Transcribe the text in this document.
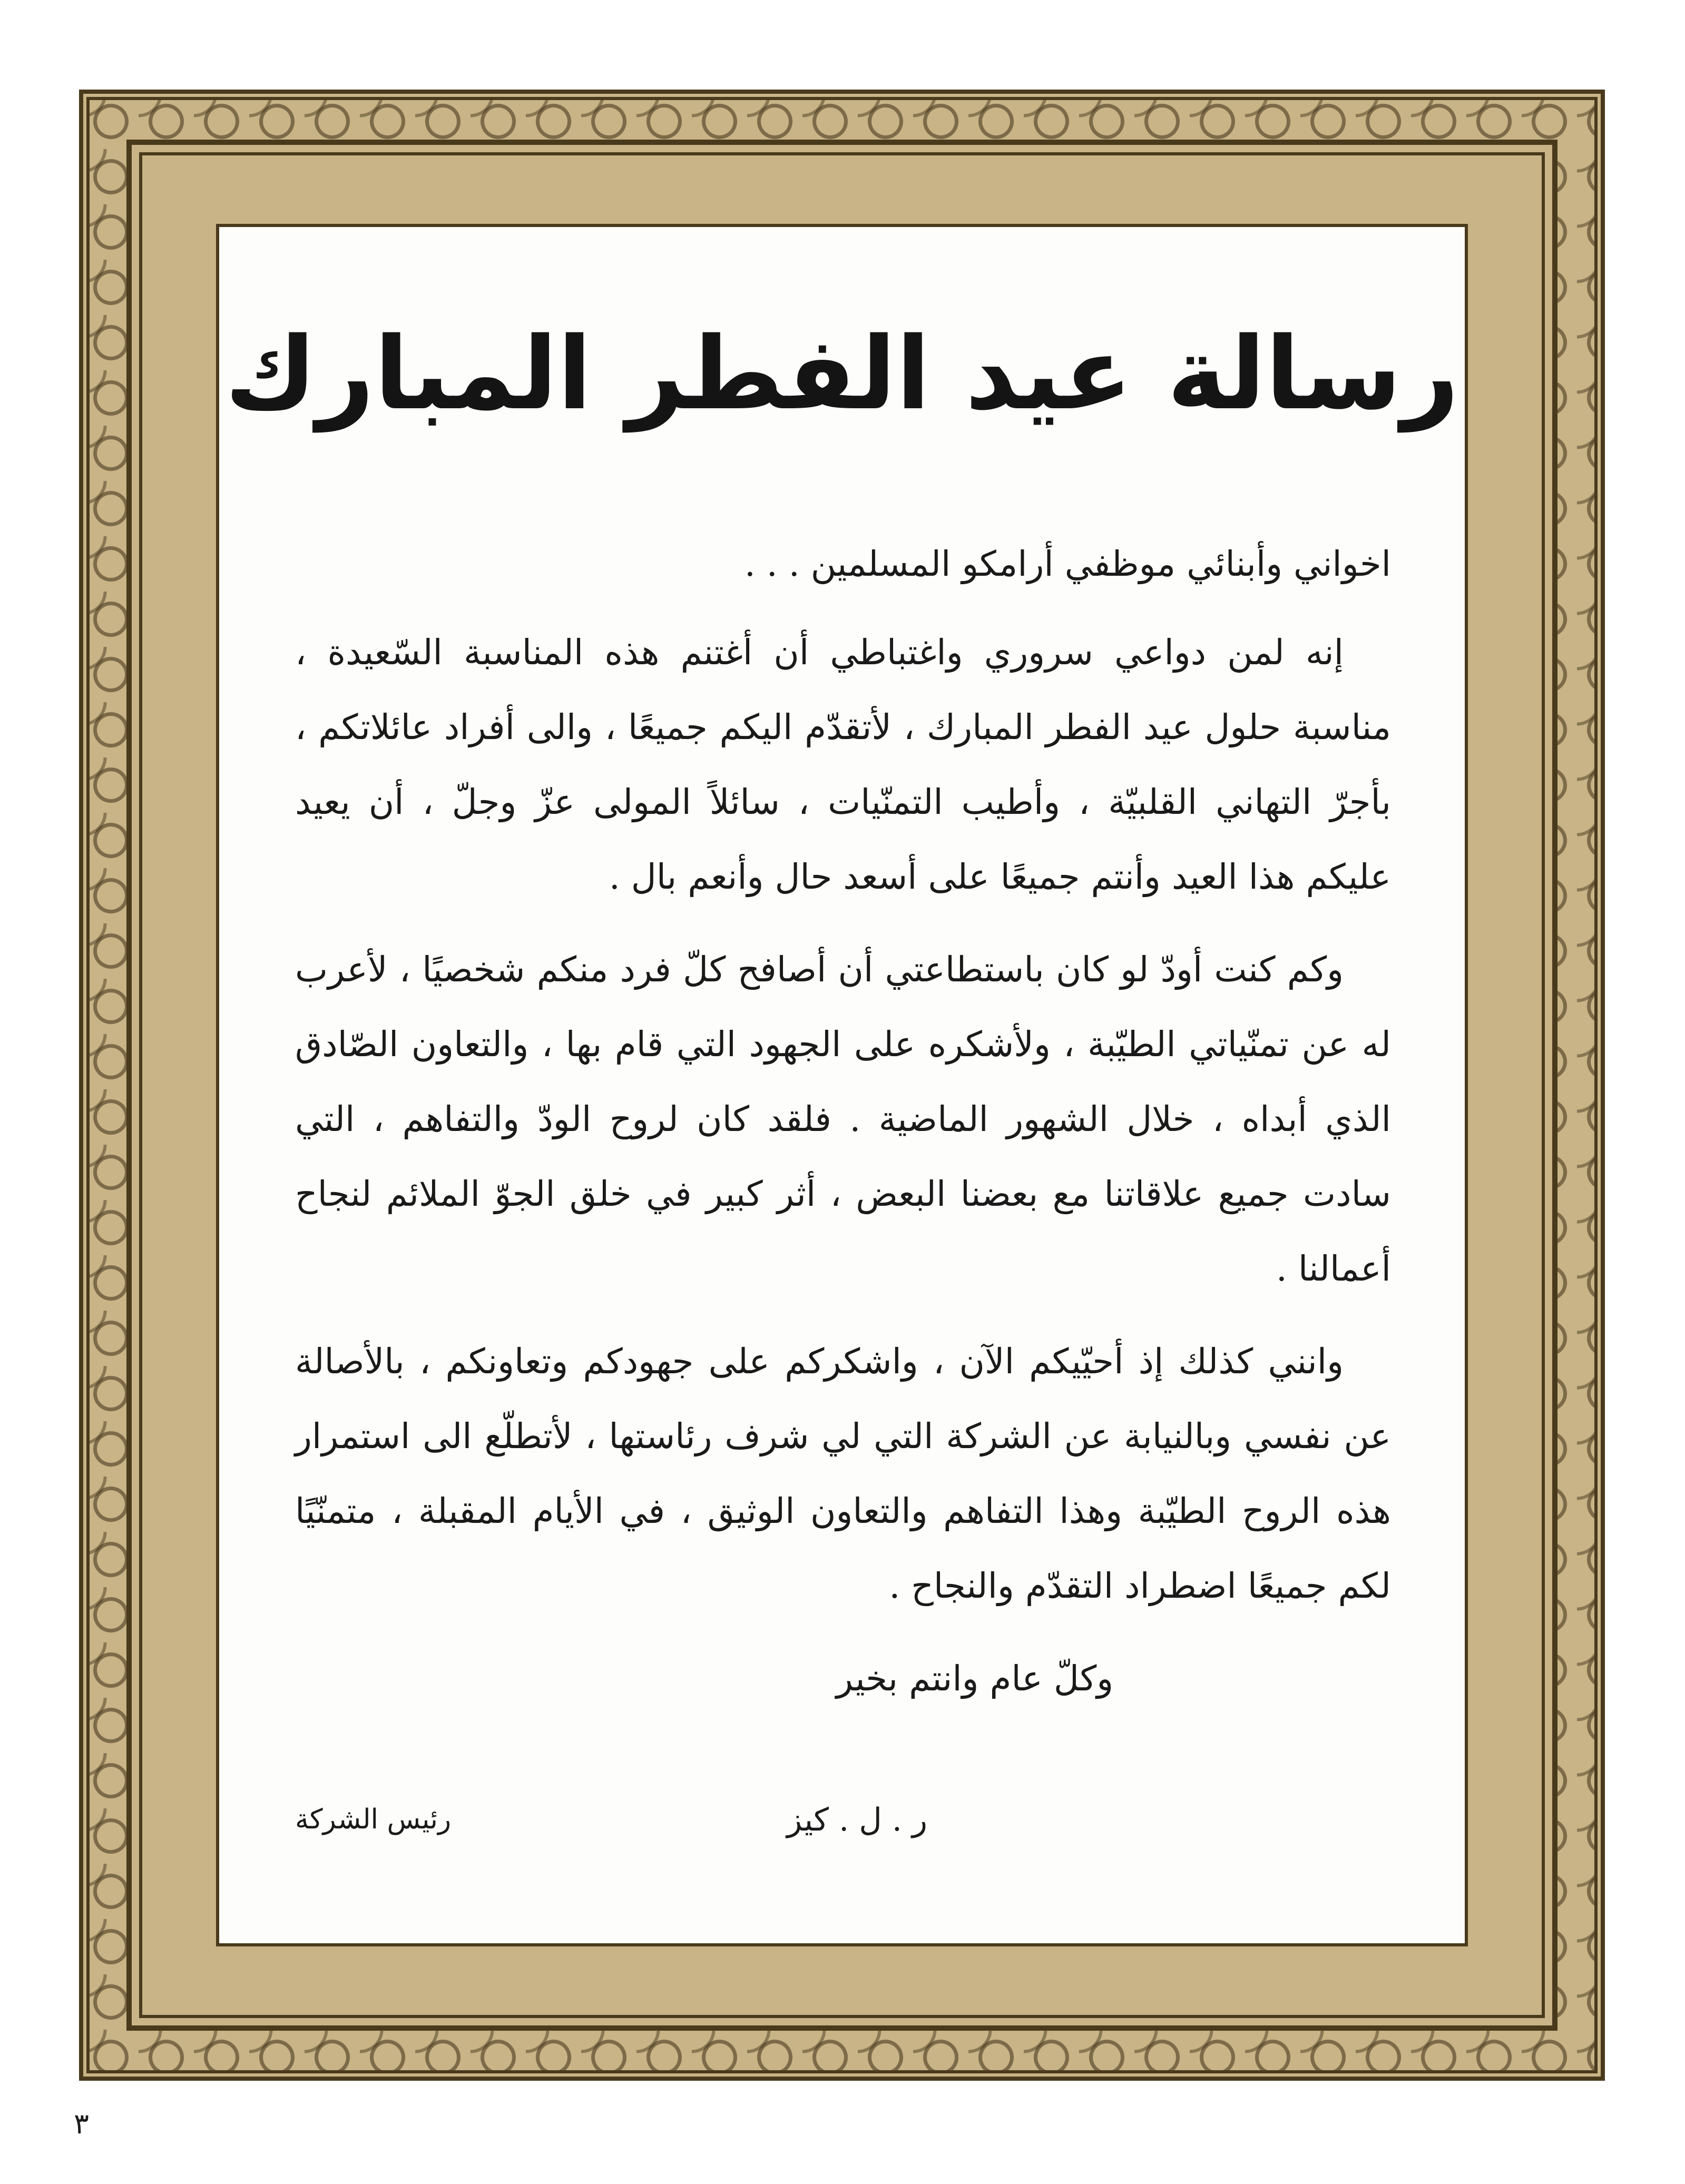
رسالة عيد الفطر المبارك

اخواني وأبنائي موظفي أرامكو المسلمين . . .

إنه لمن دواعي سروري واغتباطي أن أغتنم هذه المناسبة السّعيدة ، مناسبة حلول عيد الفطر المبارك ، لأتقدّم اليكم جميعًا ، والى أفراد عائلاتكم ، بأجرّ التهاني القلبيّة ، وأطيب التمنّيات ، سائلاً المولى عزّ وجلّ ، أن يعيد عليكم هذا العيد وأنتم جميعًا على أسعد حال وأنعم بال .

وكم كنت أودّ لو كان باستطاعتي أن أصافح كلّ فرد منكم شخصيًا ، لأعرب له عن تمنّياتي الطيّبة ، ولأشكره على الجهود التي قام بها ، والتعاون الصّادق الذي أبداه ، خلال الشهور الماضية . فلقد كان لروح الودّ والتفاهم ، التي سادت جميع علاقاتنا مع بعضنا البعض ، أثر كبير في خلق الجوّ الملائم لنجاح أعمالنا .

وانني كذلك إذ أحيّيكم الآن ، واشكركم على جهودكم وتعاونكم ، بالأصالة عن نفسي وبالنيابة عن الشركة التي لي شرف رئاستها ، لأتطلّع الى استمرار هذه الروح الطيّبة وهذا التفاهم والتعاون الوثيق ، في الأيام المقبلة ، متمنّيًا لكم جميعًا اضطراد التقدّم والنجاح .

وكلّ عام وانتم بخير

ر . ل . كيز
رئيس الشركة
٣
